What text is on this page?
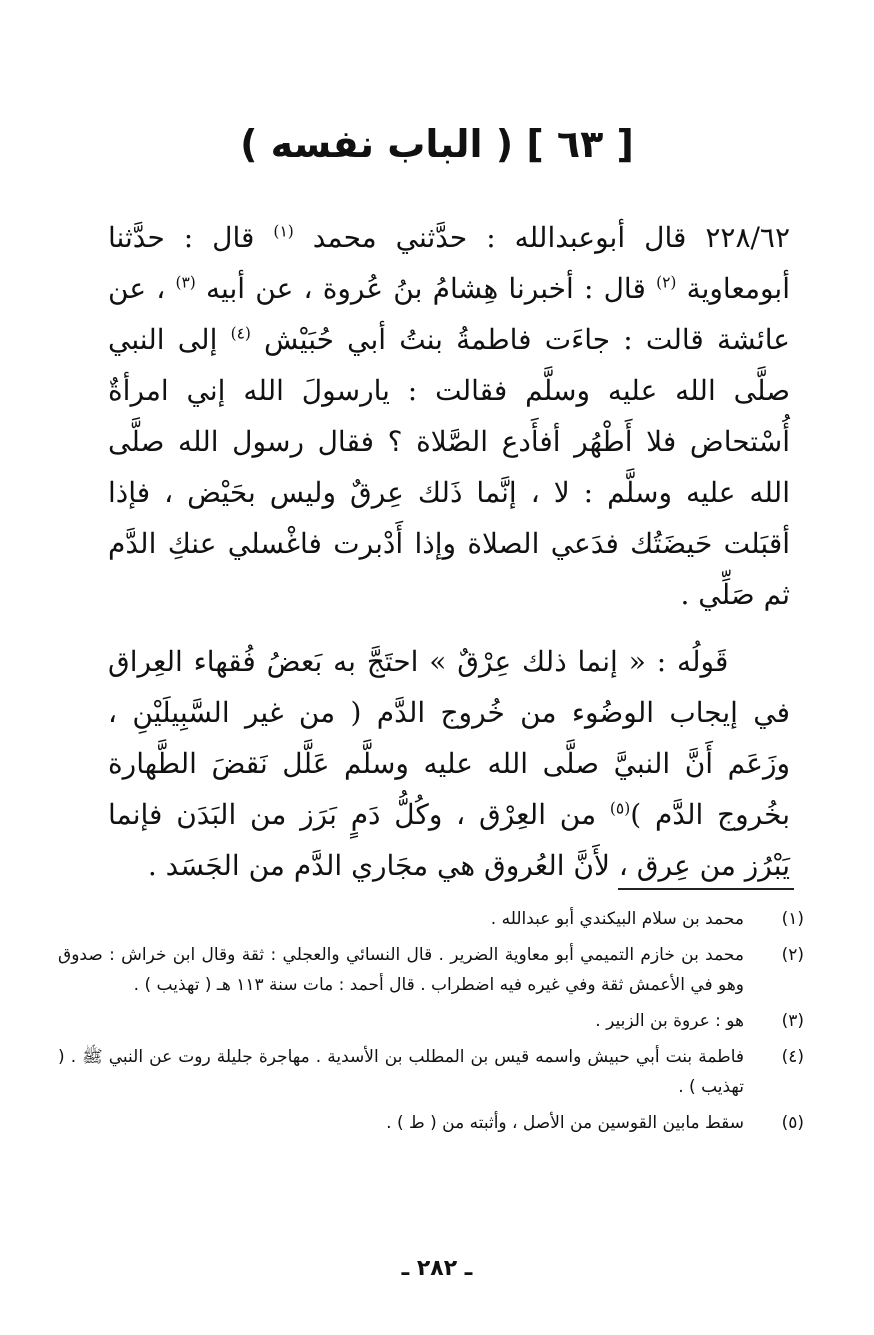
[ ٦٣ ] ( الباب نفسه )

٢٢٨/٦٢ قال أبوعبدالله : حدَّثني محمد $^{(١)}$ قال : حدَّثنا أبومعاوية $^{(٢)}$ قال : أخبرنا هِشامُ بنُ عُروة ، عن أبيه $^{(٣)}$ ، عن عائشة قالت : جاءَت فاطمةُ بنتُ أبي حُبَيْش $^{(٤)}$ إلى النبي صلَّى الله عليه وسلَّم فقالت : يارسولَ الله إني امرأةٌ أُسْتحاض فلا أَطْهُر أفأَدع الصَّلاة ؟ فقال رسول الله صلَّى الله عليه وسلَّم : لا ، إنَّما ذَلك عِرقٌ وليس بحَيْض ، فإذا أقبَلت حَيضَتُك فدَعي الصلاة وإذا أَدْبرت فاغْسلي عنكِ الدَّم ثم صَلِّي .

قَولُه : « إنما ذلك عِرْقٌ » احتَجَّ به بَعضُ فُقهاء العِراق في إيجاب الوضُوء من خُروج الدَّم ( من غير السَّبِيلَيْنِ ، وزَعَم أَنَّ النبيَّ صلَّى الله عليه وسلَّم عَلَّل نَقضَ الطَّهارة بخُروج الدَّم )$^{(٥)}$ من العِرْق ، وكُلُّ دَمٍ بَرَز من البَدَن فإنما يَبْرُز من عِرق ، لأَنَّ العُروق هي مجَاري الدَّم من الجَسَد .

(١)
محمد بن سلام البيكندي أبو عبدالله .
(٢)
محمد بن خازم التميمي أبو معاوية الضرير . قال النسائي والعجلي : ثقة وقال ابن خراش : صدوق وهو في الأعمش ثقة وفي غيره فيه اضطراب . قال أحمد : مات سنة ١١٣ هـ ( تهذيب ) .
(٣)
هو : عروة بن الزبير .
(٤)
فاطمة بنت أبي حبيش واسمه قيس بن المطلب بن الأسدية . مهاجرة جليلة روت عن النبي ﷺ . ( تهذيب ) .
(٥)
سقط مابين القوسين من الأصل ، وأثبته من ( ط ) .
ـ ٢٨٢ ـ
